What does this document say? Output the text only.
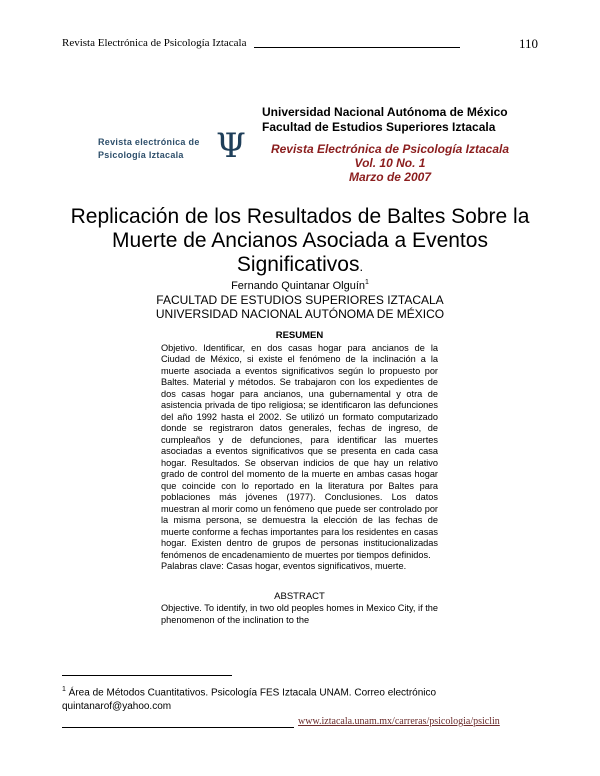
Revista Electrónica de Psicología Iztacala	110
Revista electrónica de
Psicología Iztacala Ψ
Universidad Nacional Autónoma de México
Facultad de Estudios Superiores Iztacala
Revista Electrónica de Psicología Iztacala
Vol. 10 No. 1
Marzo de 2007
Replicación de los Resultados de Baltes Sobre la
Muerte de Ancianos Asociada a Eventos
Significativos.
Fernando Quintanar Olguín$^1$
FACULTAD DE ESTUDIOS SUPERIORES IZTACALA
UNIVERSIDAD NACIONAL AUTÓNOMA DE MÉXICO
RESUMEN

Objetivo. Identificar, en dos casas hogar para ancianos de la Ciudad de México, si existe el fenómeno de la inclinación a la muerte asociada a eventos significativos según lo propuesto por Baltes. Material y métodos. Se trabajaron con los expedientes de dos casas hogar para ancianos, una gubernamental y otra de asistencia privada de tipo religiosa; se identificaron las defunciones del año 1992 hasta el 2002. Se utilizó un formato computarizado donde se registraron datos generales, fechas de ingreso, de cumpleaños y de defunciones, para identificar las muertes asociadas a eventos significativos que se presenta en cada casa hogar. Resultados. Se observan indicios de que hay un relativo grado de control del momento de la muerte en ambas casas hogar que coincide con lo reportado en la literatura por Baltes para poblaciones más jóvenes (1977). Conclusiones. Los datos muestran al morir como un fenómeno que puede ser controlado por la misma persona, se demuestra la elección de las fechas de muerte conforme a fechas importantes para los residentes en casas hogar. Existen dentro de grupos de personas institucionalizadas fenómenos de encadenamiento de muertes por tiempos definidos.

Palabras clave: Casas hogar, eventos significativos, muerte.

ABSTRACT

Objective. To identify, in two old peoples homes in Mexico City, if the phenomenon of the inclination to the

$^1$ Área de Métodos Cuantitativos. Psicología FES Iztacala UNAM. Correo electrónico
quintanarof@yahoo.com
www.iztacala.unam.mx/carreras/psicologia/psiclin
